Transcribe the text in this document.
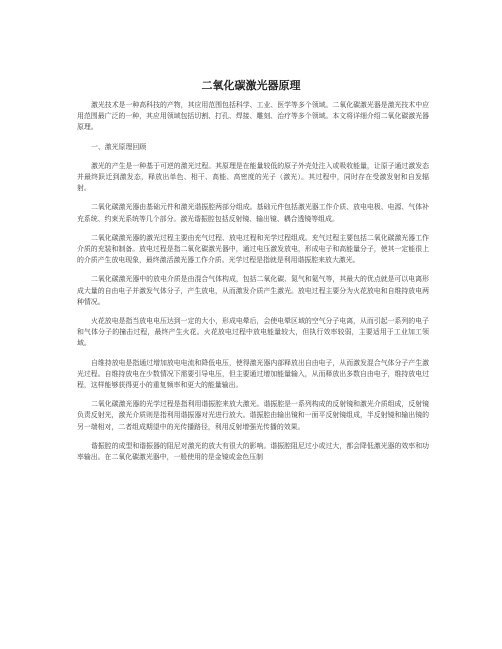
二氧化碳激光器原理

激光技术是一种高科技的产物，其应用范围包括科学、工业、医学等多个领域。二氧化碳激光器是激光技术中应用范围最广泛的一种，其应用领域包括切割、打孔、焊接、雕刻、治疗等多个领域。本文将详细介绍二氧化碳激光器原理。

一、激光原理回顾

激光的产生是一种基于可逆的激光过程。其原理是在能量较低的原子外壳处注入或吸收能量，让原子通过激发态并最终跃迁到激发态，释放出单色、相干、高能、高密度的光子（激光）。其过程中，同时存在受激发射和自发辐射。

二氧化碳激光器由基础元件和激光谐振腔两部分组成。基础元件包括激光器工作介质、放电电极、电源、气体补充系统、约束光系统等几个部分。激光谐振腔包括反射镜、输出镜、耦合透镜等组成。

二氧化碳激光器的激光过程主要由充气过程、放电过程和光学过程组成。充气过程主要包括二氧化碳激光器工作介质的充装和制备。放电过程是指二氧化碳激光器中，通过电压激发放电，形成电子和高能量分子，使其一定能很上的介质产生放电现象，最终激活激光器工作介质。光学过程是指就是利用谐振腔来放大激光。

二氧化碳激光器中的放电介质是由混合气体构成，包括二氧化碳、氮气和氦气等，其最大的优点就是可以电离形成大量的自由电子并激发气体分子，产生放电，从而激发介质产生激光。放电过程主要分为火花放电和自维持放电两种情况。

火花放电是指当放电电压达到一定的大小，形成电晕后，会使电晕区域的空气分子电离，从而引起一系列的电子和气体分子的撞击过程，最终产生火花。火花放电过程中放电能量较大，但执行效率较弱，主要适用于工业加工领域。

自维持放电是指通过增加放电电流和降低电压，使得激光器内部释放出自由电子，从而激发混合气体分子产生激光过程。自维持放电在少数情况下需要引导电压，但主要通过增加能量输入，从而释放出多数自由电子，维持放电过程，这样能够获得更小的重复频率和更大的能量输出。

二氧化碳激光器的光学过程是指利用谐振腔来放大激光。谐振腔是一系列构成的反射镜和激光介质组成，反射镜负责反射光，激光介质则是指利用谐振器对光进行放大。谐振腔由输出镜和一面平反射镜组成，半反射镜和输出镜的另一端相对，二者组成期望中的光传播路径，利用反射增强光传播的效果。

谐振腔的成型和谐振器的阻尼对激光的放大有很大的影响。谐振腔阻尼过小或过大，都会降低激光器的效率和功率输出。在二氧化碳激光器中，一般使用的是金镜或金色压制
